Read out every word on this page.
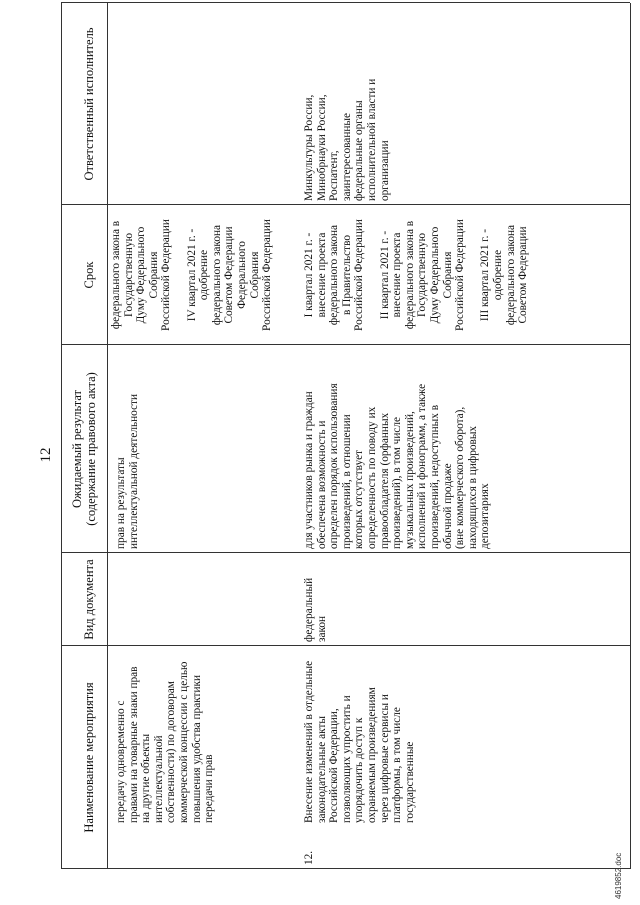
12
Наименование мероприятия
Вид документа
Ожидаемый результат
(содержание правового акта)
Срок
Ответственный исполнитель
передачу одновременно с
правами на товарные знаки прав
на другие объекты
интеллектуальной
собственности) по договорам
коммерческой концессии с целью
повышения удобства практики
передачи прав
прав на результаты
интеллектуальной деятельности
федерального закона в
Государственную
Думу Федерального
Собрания
Российской Федерации

IV квартал 2021 г. -
одобрение
федерального закона
Советом Федерации
Федерального
Собрания
Российской Федерации
12.
Внесение изменений в отдельные
законодательные акты
Российской Федерации,
позволяющих упростить и
упорядочить доступ к
охраняемым произведениям
через цифровые сервисы и
платформы, в том числе
государственные
федеральный
закон
для участников рынка и граждан
обеспечена возможность и
определен порядок использования
произведений, в отношении
которых отсутствует
определенность по поводу их
правообладателя (орфанных
произведений), в том числе
музыкальных произведений,
исполнений и фонограмм, а также
произведений, недоступных в
обычной продаже
(вне коммерческого оборота),
находящихся в цифровых
депозитариях
I квартал 2021 г. -
внесение проекта
федерального закона
в Правительство
Российской Федерации

II квартал 2021 г. -
внесение проекта
федерального закона в
Государственную
Думу Федерального
Собрания
Российской Федерации

III квартал 2021 г. -
одобрение
федерального закона
Советом Федерации
Минкультуры России,
Минобрнауки России,
Роспатент,
заинтересованные
федеральные органы
исполнительной власти и
организации
4619852.doc
